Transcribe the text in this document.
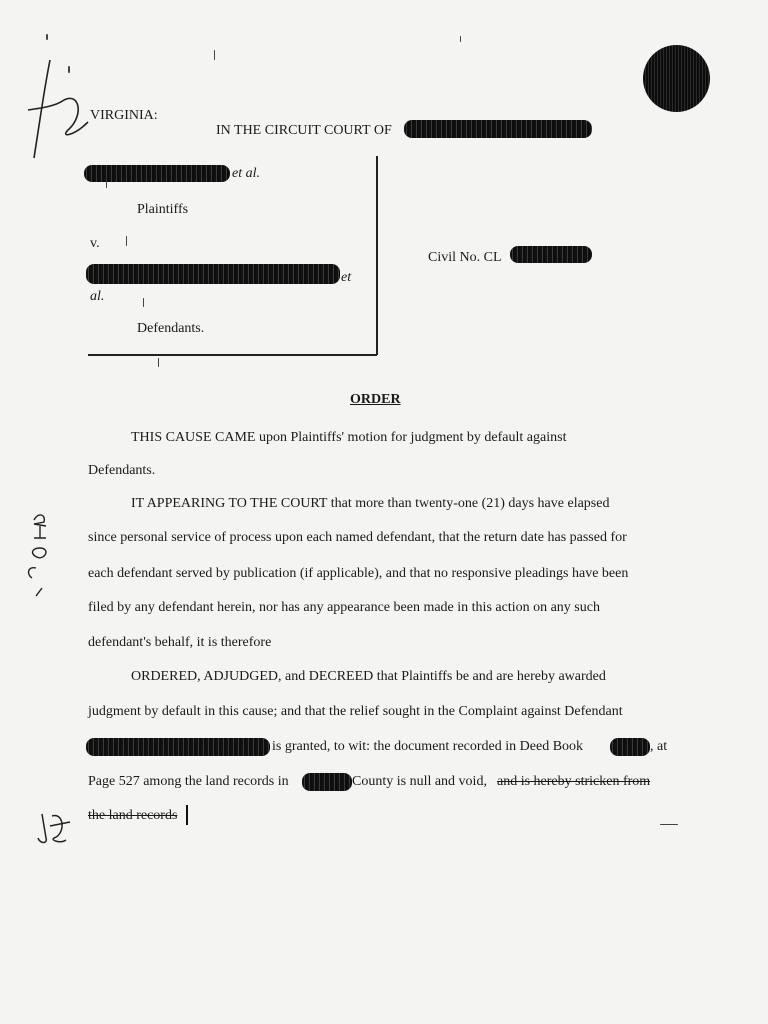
VIRGINIA:
IN THE CIRCUIT COURT OF
et al.
Plaintiffs
v.
et
al.
Defendants.
Civil No. CL
ORDER
THIS CAUSE CAME upon Plaintiffs' motion for judgment by default against
Defendants.
IT APPEARING TO THE COURT that more than twenty-one (21) days have elapsed
since personal service of process upon each named defendant, that the return date has passed for
each defendant served by publication (if applicable), and that no responsive pleadings have been
filed by any defendant herein, nor has any appearance been made in this action on any such
defendant's behalf, it is therefore
ORDERED, ADJUDGED, and DECREED that Plaintiffs be and are hereby awarded
judgment by default in this cause; and that the relief sought in the Complaint against Defendant
is granted, to wit: the document recorded in Deed Book	, at
Page 527 among the land records in	County is null and void, and is hereby stricken from
the land records
